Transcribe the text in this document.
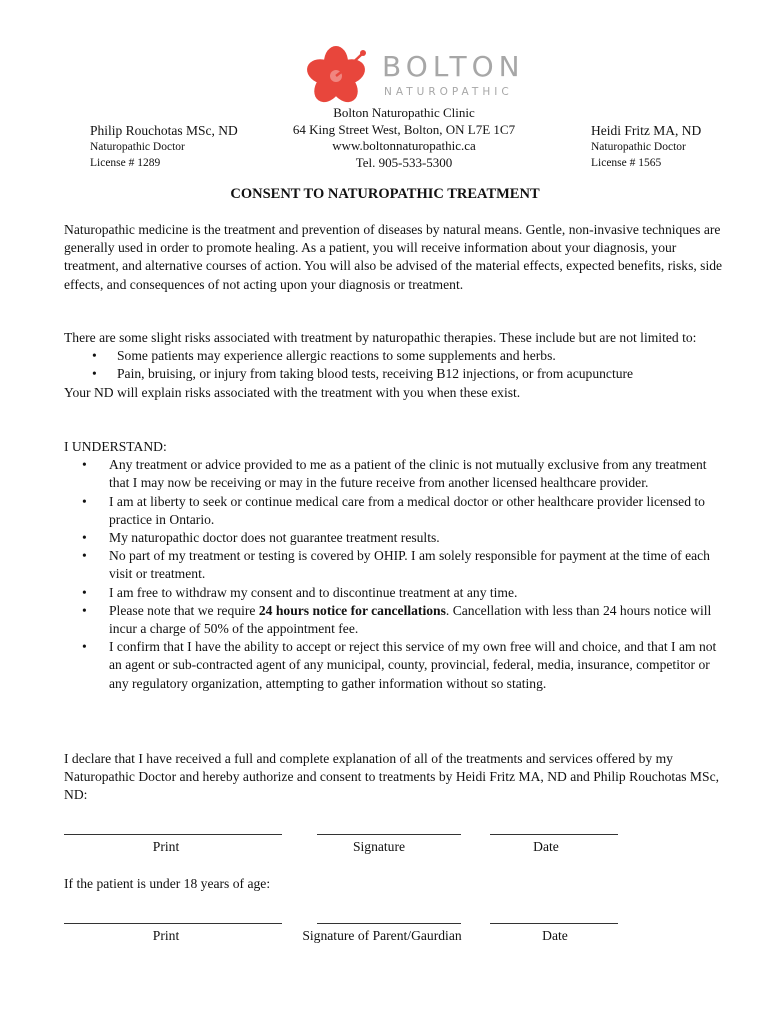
BOLTON
NATUROPATHIC
Philip Rouchotas MSc, ND
Naturopathic Doctor
License # 1289
Bolton Naturopathic Clinic
64 King Street West, Bolton, ON L7E 1C7
www.boltonnaturopathic.ca
Tel. 905-533-5300
Heidi Fritz MA, ND
Naturopathic Doctor
License # 1565
CONSENT TO NATUROPATHIC TREATMENT

Naturopathic medicine is the treatment and prevention of diseases by natural means. Gentle, non-invasive techniques are generally used in order to promote healing. As a patient, you will receive information about your diagnosis, your treatment, and alternative courses of action. You will also be advised of the material effects, expected benefits, risks, side effects, and consequences of not acting upon your diagnosis or treatment.

There are some slight risks associated with treatment by naturopathic therapies. These include but are not limited to:

•	Some patients may experience allergic reactions to some supplements and herbs.
•	Pain, bruising, or injury from taking blood tests, receiving B12 injections, or from acupuncture

Your ND will explain risks associated with the treatment with you when these exist.

I UNDERSTAND:

•	Any treatment or advice provided to me as a patient of the clinic is not mutually exclusive from any treatment that I may now be receiving or may in the future receive from another licensed healthcare provider.
•	I am at liberty to seek or continue medical care from a medical doctor or other healthcare provider licensed to practice in Ontario.
•	My naturopathic doctor does not guarantee treatment results.
•	No part of my treatment or testing is covered by OHIP. I am solely responsible for payment at the time of each visit or treatment.
•	I am free to withdraw my consent and to discontinue treatment at any time.
•	Please note that we require 24 hours notice for cancellations. Cancellation with less than 24 hours notice will incur a charge of 50% of the appointment fee.
•	I confirm that I have the ability to accept or reject this service of my own free will and choice, and that I am not an agent or sub-contracted agent of any municipal, county, provincial, federal, media, insurance, competitor or any regulatory organization, attempting to gather information without so stating.

I declare that I have received a full and complete explanation of all of the treatments and services offered by my Naturopathic Doctor and hereby authorize and consent to treatments by Heidi Fritz MA, ND and Philip Rouchotas MSc, ND:

Print	Signature	Date

If the patient is under 18 years of age:

Print	Signature of Parent/Gaurdian	Date
